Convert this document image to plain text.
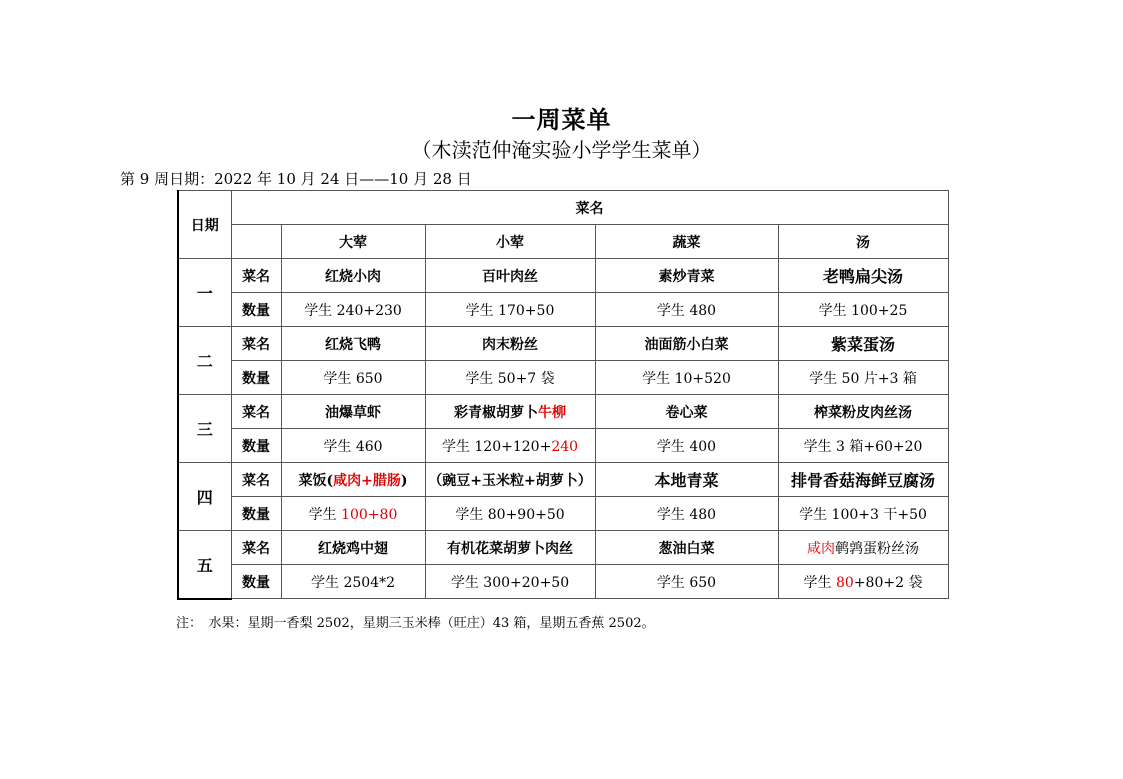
一周菜单
（木渎范仲淹实验小学学生菜单）
第 9 周日期：2022 年 10 月 24 日——10 月 28 日
日期	菜名				
		大荤	小荤	蔬菜	汤
一	菜名	红烧小肉	百叶肉丝	素炒青菜	老鸭扁尖汤
	数量	学生 240+230	学生 170+50	学生 480	学生 100+25
二	菜名	红烧飞鸭	肉末粉丝	油面筋小白菜	紫菜蛋汤
	数量	学生 650	学生 50+7 袋	学生 10+520	学生 50 片+3 箱
三	菜名	油爆草虾	彩青椒胡萝卜牛柳	卷心菜	榨菜粉皮肉丝汤
	数量	学生 460	学生 120+120+240	学生 400	学生 3 箱+60+20
四	菜名	菜饭(咸肉+腊肠)	（豌豆+玉米粒+胡萝卜）	本地青菜	排骨香菇海鲜豆腐汤
	数量	学生 100+80	学生 80+90+50	学生 480	学生 100+3 干+50
五	菜名	红烧鸡中翅	有机花菜胡萝卜肉丝	葱油白菜	咸肉鹌鹑蛋粉丝汤
	数量	学生 2504*2	学生 300+20+50	学生 650	学生 80+80+2 袋
注：　水果：星期一香梨 2502，星期三玉米棒（旺庄）43 箱，星期五香蕉 2502。
